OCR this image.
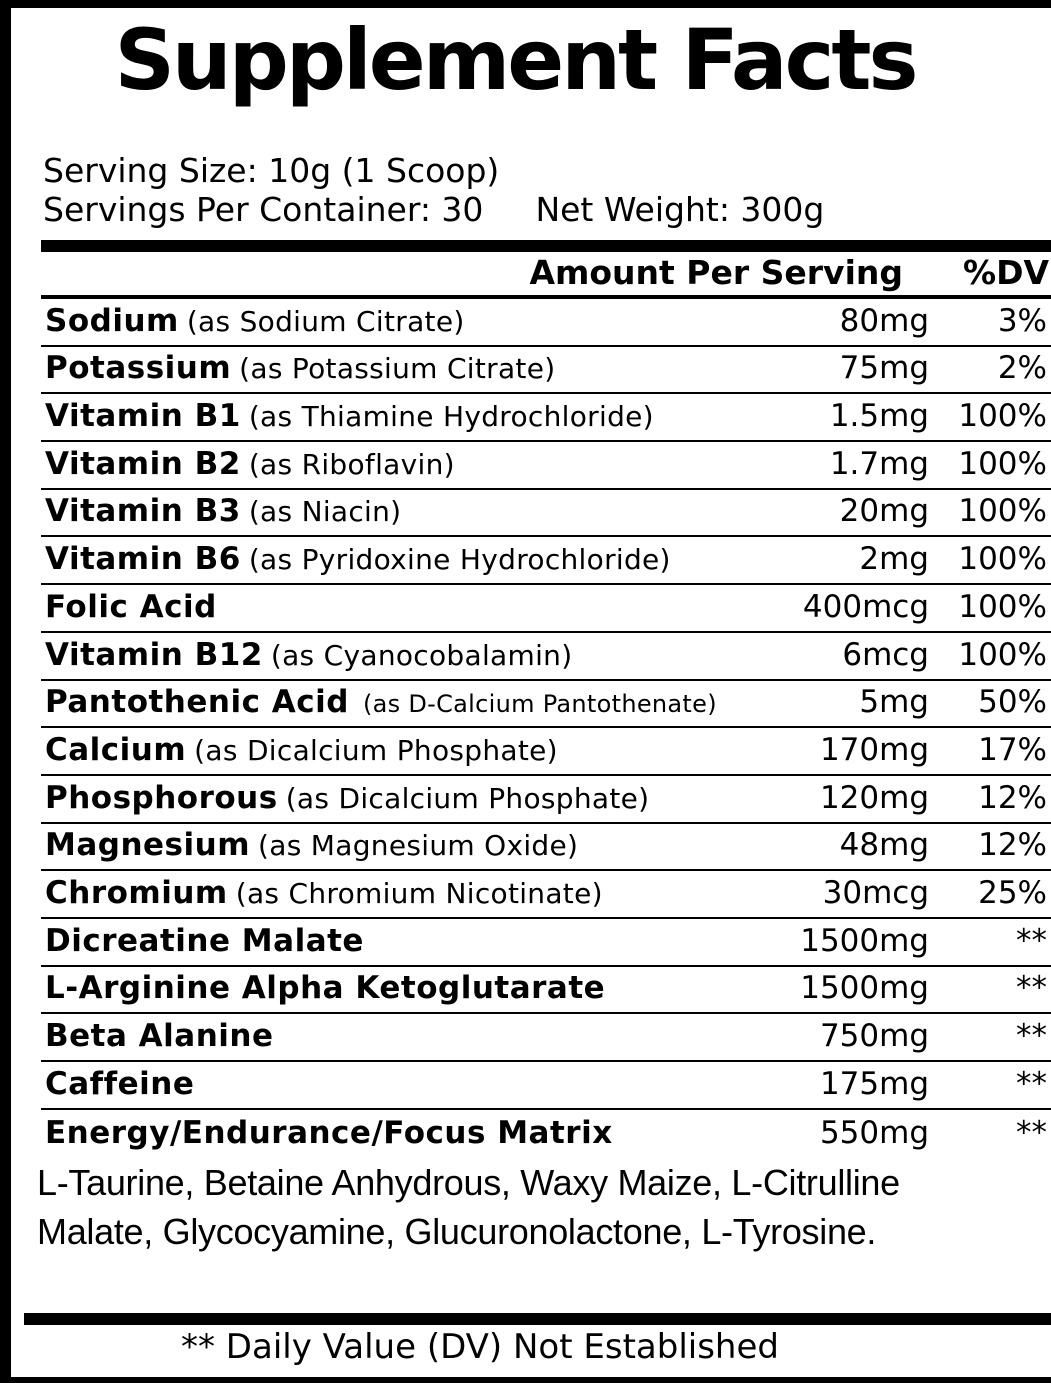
Supplement Facts
Serving Size: 10g (1 Scoop)
Servings Per Container: 30 Net Weight: 300g
Amount Per Serving %DV
Sodium (as Sodium Citrate)	80mg 3%
Potassium (as Potassium Citrate)	75mg 2%
Vitamin B1 (as Thiamine Hydrochloride)	1.5mg 100%
Vitamin B2 (as Riboflavin)	1.7mg 100%
Vitamin B3 (as Niacin)	20mg 100%
Vitamin B6 (as Pyridoxine Hydrochloride)	2mg 100%
Folic Acid	400mcg 100%
Vitamin B12 (as Cyanocobalamin)	6mcg 100%
Pantothenic Acid (as D-Calcium Pantothenate)	5mg 50%
Calcium (as Dicalcium Phosphate)	170mg 17%
Phosphorous (as Dicalcium Phosphate)	120mg 12%
Magnesium (as Magnesium Oxide)	48mg 12%
Chromium (as Chromium Nicotinate)	30mcg 25%
Dicreatine Malate	1500mg	**
L-Arginine Alpha Ketoglutarate	1500mg	**
Beta Alanine	750mg	**
Caffeine	175mg	**
Energy/Endurance/Focus Matrix	550mg	**
L-Taurine, Betaine Anhydrous, Waxy Maize, L-Citrulline Malate, Glycocyamine, Glucuronolactone, L-Tyrosine.
** Daily Value (DV) Not Established
